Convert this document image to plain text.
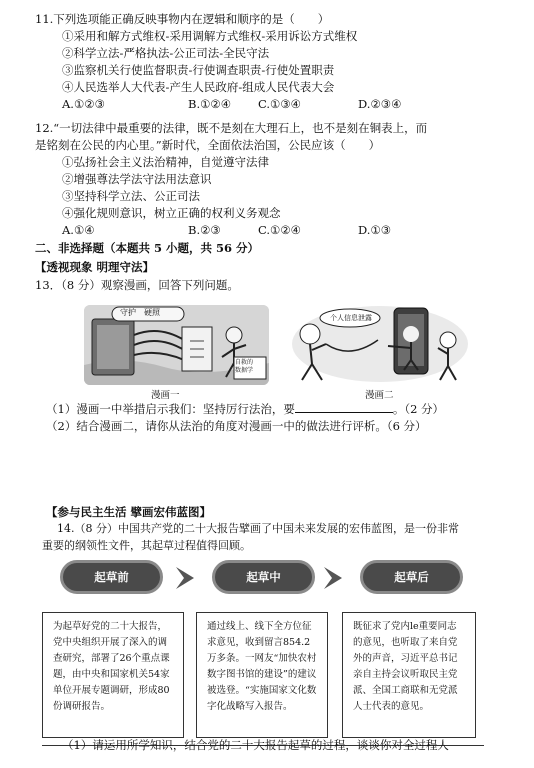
11.下列选项能正确反映事物内在逻辑和顺序的是（　　）
①采用和解方式维权-采用调解方式维权-采用诉讼方式维权
②科学立法-严格执法-公正司法-全民守法
③监察机关行使监督职责-行使调查职责-行使处置职责
④人民选举人大代表-产生人民政府-组成人民代表大会
A.①②③	B.①②④ C.①③④	D.②③④
12.“一切法律中最重要的法律，既不是刻在大理石上，也不是刻在铜表上，而
是铭刻在公民的内心里。”新时代，全面依法治国，公民应该（　　）
①弘扬社会主义法治精神，自觉遵守法律
②增强尊法学法守法用法意识
③坚持科学立法、公正司法
④强化规则意识，树立正确的权利义务观念
A.①④	B.②③	C.①②④	D.①③
二、非选择题（本题共 5 小题，共 56 分）
【透视现象 明理守法】
13．（8 分）观察漫画，回答下列问题。
守护　硬照
自救的
数据学
个人信息泄露
漫画一	漫画二
（1）漫画一中举措启示我们：坚持厉行法治，要	。（2 分）
（2）结合漫画二，请你从法治的角度对漫画一中的做法进行评析。（6 分）
【参与民主生活 擘画宏伟蓝图】
14.（8 分）中国共产党的二十大报告擘画了中国未来发展的宏伟蓝图，是一份非常
重要的纲领性文件，其起草过程值得回顾。
起草前	起草中	起草后
为起草好党的二十大报告，党中央组织开展了深入的调查研究，部署了26个重点课题，由中央和国家机关54家单位开展专题调研，形成80份调研报告。
通过线上、线下全方位征求意见，收到留言854.2万多条。一网友“加快农村数字图书馆的建设”的建议被选登。“实施国家文化数字化战略写入报告。
既征求了党内le重要同志的意见，也听取了来自党外的声音，习近平总书记亲自主持会议听取民主党派、全国工商联和无党派人士代表的意见。
（1）请运用所学知识，结合党的二十大报告起草的过程，谈谈你对全过程人
